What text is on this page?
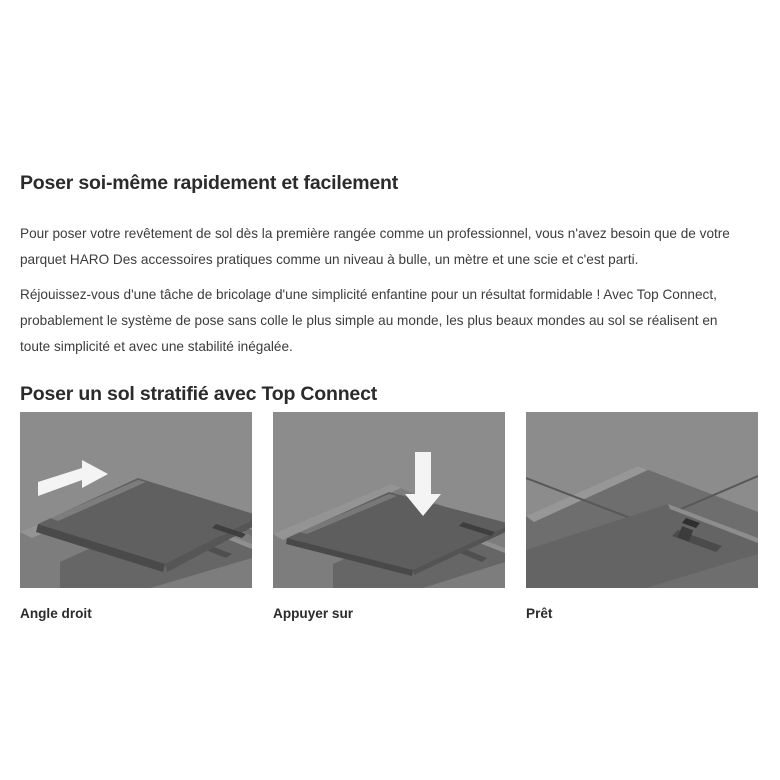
Poser soi-même rapidement et facilement

Pour poser votre revêtement de sol dès la première rangée comme un professionnel, vous n'avez besoin que de votre parquet HARO Des accessoires pratiques comme un niveau à bulle, un mètre et une scie et c'est parti.

Réjouissez-vous d'une tâche de bricolage d'une simplicité enfantine pour un résultat formidable ! Avec Top Connect, probablement le système de pose sans colle le plus simple au monde, les plus beaux mondes au sol se réalisent en toute simplicité et avec une stabilité inégalée.

Poser un sol stratifié avec Top Connect
Angle droit	Appuyer sur	Prêt
